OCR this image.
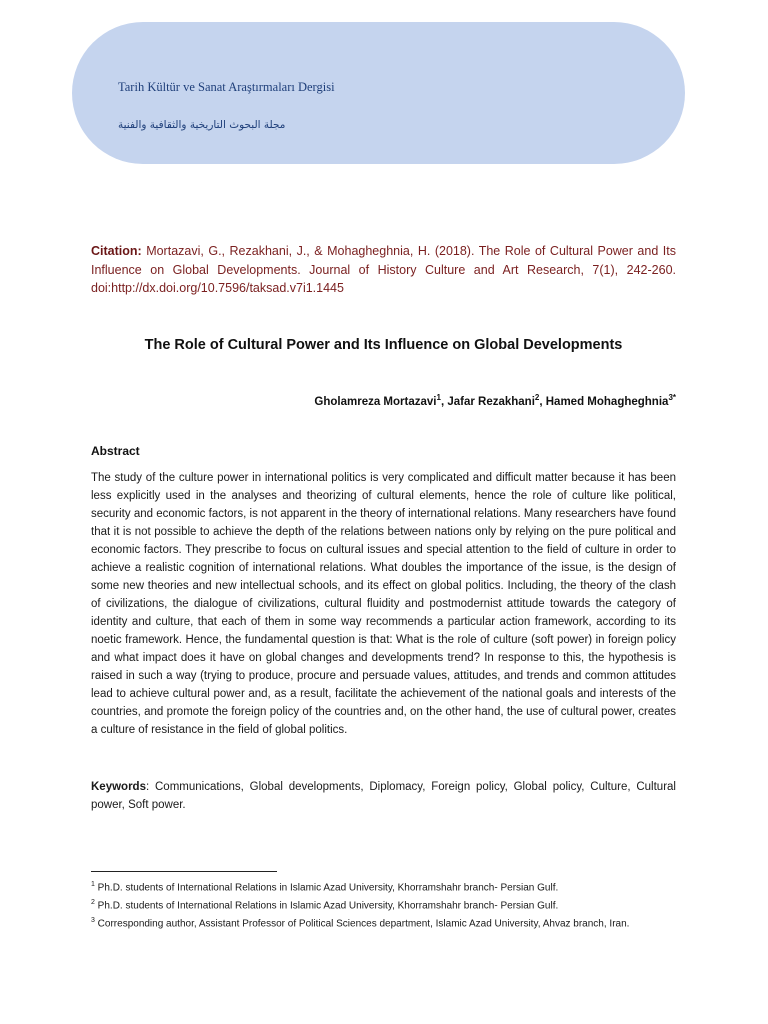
Tarih Kültür ve Sanat Araştırmaları Dergisi
مجلة البحوث التاريخية والثقافية والفنية
Citation: Mortazavi, G., Rezakhani, J., & Mohagheghnia, H. (2018). The Role of Cultural Power and Its Influence on Global Developments. Journal of History Culture and Art Research, 7(1), 242-260. doi:http://dx.doi.org/10.7596/taksad.v7i1.1445
The Role of Cultural Power and Its Influence on Global Developments
Gholamreza Mortazavi$^1$, Jafar Rezakhani$^2$, Hamed Mohagheghnia$^{3*}$
Abstract
The study of the culture power in international politics is very complicated and difficult matter because it has been less explicitly used in the analyses and theorizing of cultural elements, hence the role of culture like political, security and economic factors, is not apparent in the theory of international relations. Many researchers have found that it is not possible to achieve the depth of the relations between nations only by relying on the pure political and economic factors. They prescribe to focus on cultural issues and special attention to the field of culture in order to achieve a realistic cognition of international relations. What doubles the importance of the issue, is the design of some new theories and new intellectual schools, and its effect on global politics. Including, the theory of the clash of civilizations, the dialogue of civilizations, cultural fluidity and postmodernist attitude towards the category of identity and culture, that each of them in some way recommends a particular action framework, according to its noetic framework. Hence, the fundamental question is that: What is the role of culture (soft power) in foreign policy and what impact does it have on global changes and developments trend? In response to this, the hypothesis is raised in such a way (trying to produce, procure and persuade values, attitudes, and trends and common attitudes lead to achieve cultural power and, as a result, facilitate the achievement of the national goals and interests of the countries, and promote the foreign policy of the countries and, on the other hand, the use of cultural power, creates a culture of resistance in the field of global politics.
Keywords: Communications, Global developments, Diplomacy, Foreign policy, Global policy, Culture, Cultural power, Soft power.

$^1$ Ph.D. students of International Relations in Islamic Azad University, Khorramshahr branch- Persian Gulf.

$^2$ Ph.D. students of International Relations in Islamic Azad University, Khorramshahr branch- Persian Gulf.

$^3$ Corresponding author, Assistant Professor of Political Sciences department, Islamic Azad University, Ahvaz branch, Iran.
